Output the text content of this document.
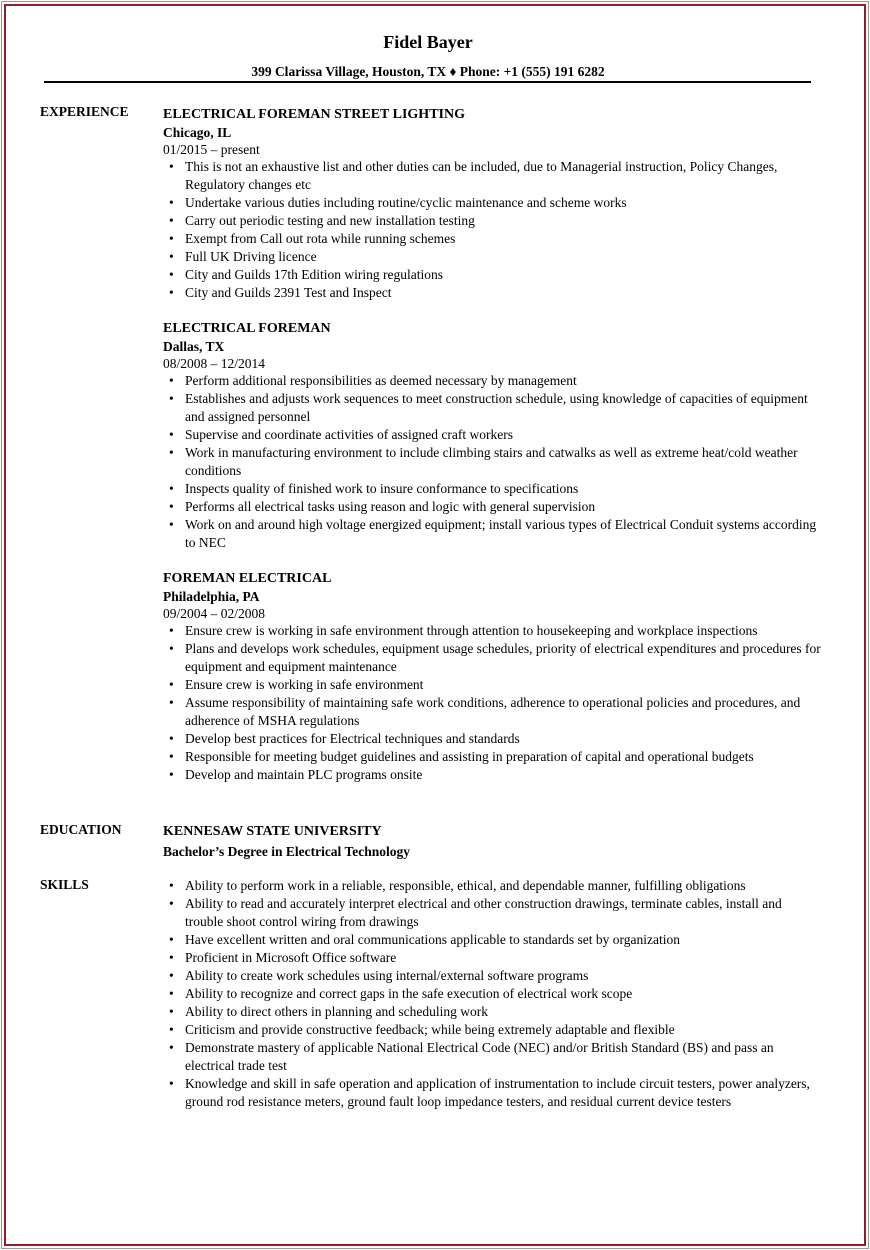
Fidel Bayer
399 Clarissa Village, Houston, TX ♦ Phone: +1 (555) 191 6282
EXPERIENCE ELECTRICAL FOREMAN STREET LIGHTING
Chicago, IL
01/2015 – present
• This is not an exhaustive list and other duties can be included, due to Managerial instruction, Policy Changes, Regulatory changes etc
• Undertake various duties including routine/cyclic maintenance and scheme works
• Carry out periodic testing and new installation testing
• Exempt from Call out rota while running schemes
• Full UK Driving licence
• City and Guilds 17th Edition wiring regulations
• City and Guilds 2391 Test and Inspect
ELECTRICAL FOREMAN
Dallas, TX
08/2008 – 12/2014
• Perform additional responsibilities as deemed necessary by management
• Establishes and adjusts work sequences to meet construction schedule, using knowledge of capacities of equipment and assigned personnel
• Supervise and coordinate activities of assigned craft workers
• Work in manufacturing environment to include climbing stairs and catwalks as well as extreme heat/cold weather conditions
• Inspects quality of finished work to insure conformance to specifications
• Performs all electrical tasks using reason and logic with general supervision
• Work on and around high voltage energized equipment; install various types of Electrical Conduit systems according to NEC
FOREMAN ELECTRICAL
Philadelphia, PA
09/2004 – 02/2008
• Ensure crew is working in safe environment through attention to housekeeping and workplace inspections
• Plans and develops work schedules, equipment usage schedules, priority of electrical expenditures and procedures for equipment and equipment maintenance
• Ensure crew is working in safe environment
• Assume responsibility of maintaining safe work conditions, adherence to operational policies and procedures, and adherence of MSHA regulations
• Develop best practices for Electrical techniques and standards
• Responsible for meeting budget guidelines and assisting in preparation of capital and operational budgets
• Develop and maintain PLC programs onsite
EDUCATION	KENNESAW STATE UNIVERSITY
Bachelor’s Degree in Electrical Technology
SKILLS
•	Ability to perform work in a reliable, responsible, ethical, and dependable manner, fulfilling obligations
• Ability to read and accurately interpret electrical and other construction drawings, terminate cables, install and trouble shoot control wiring from drawings
• Have excellent written and oral communications applicable to standards set by organization
• Proficient in Microsoft Office software
• Ability to create work schedules using internal/external software programs
• Ability to recognize and correct gaps in the safe execution of electrical work scope
• Ability to direct others in planning and scheduling work
• Criticism and provide constructive feedback; while being extremely adaptable and flexible
• Demonstrate mastery of applicable National Electrical Code (NEC) and/or British Standard (BS) and pass an electrical trade test
• Knowledge and skill in safe operation and application of instrumentation to include circuit testers, power analyzers, ground rod resistance meters, ground fault loop impedance testers, and residual current device testers
